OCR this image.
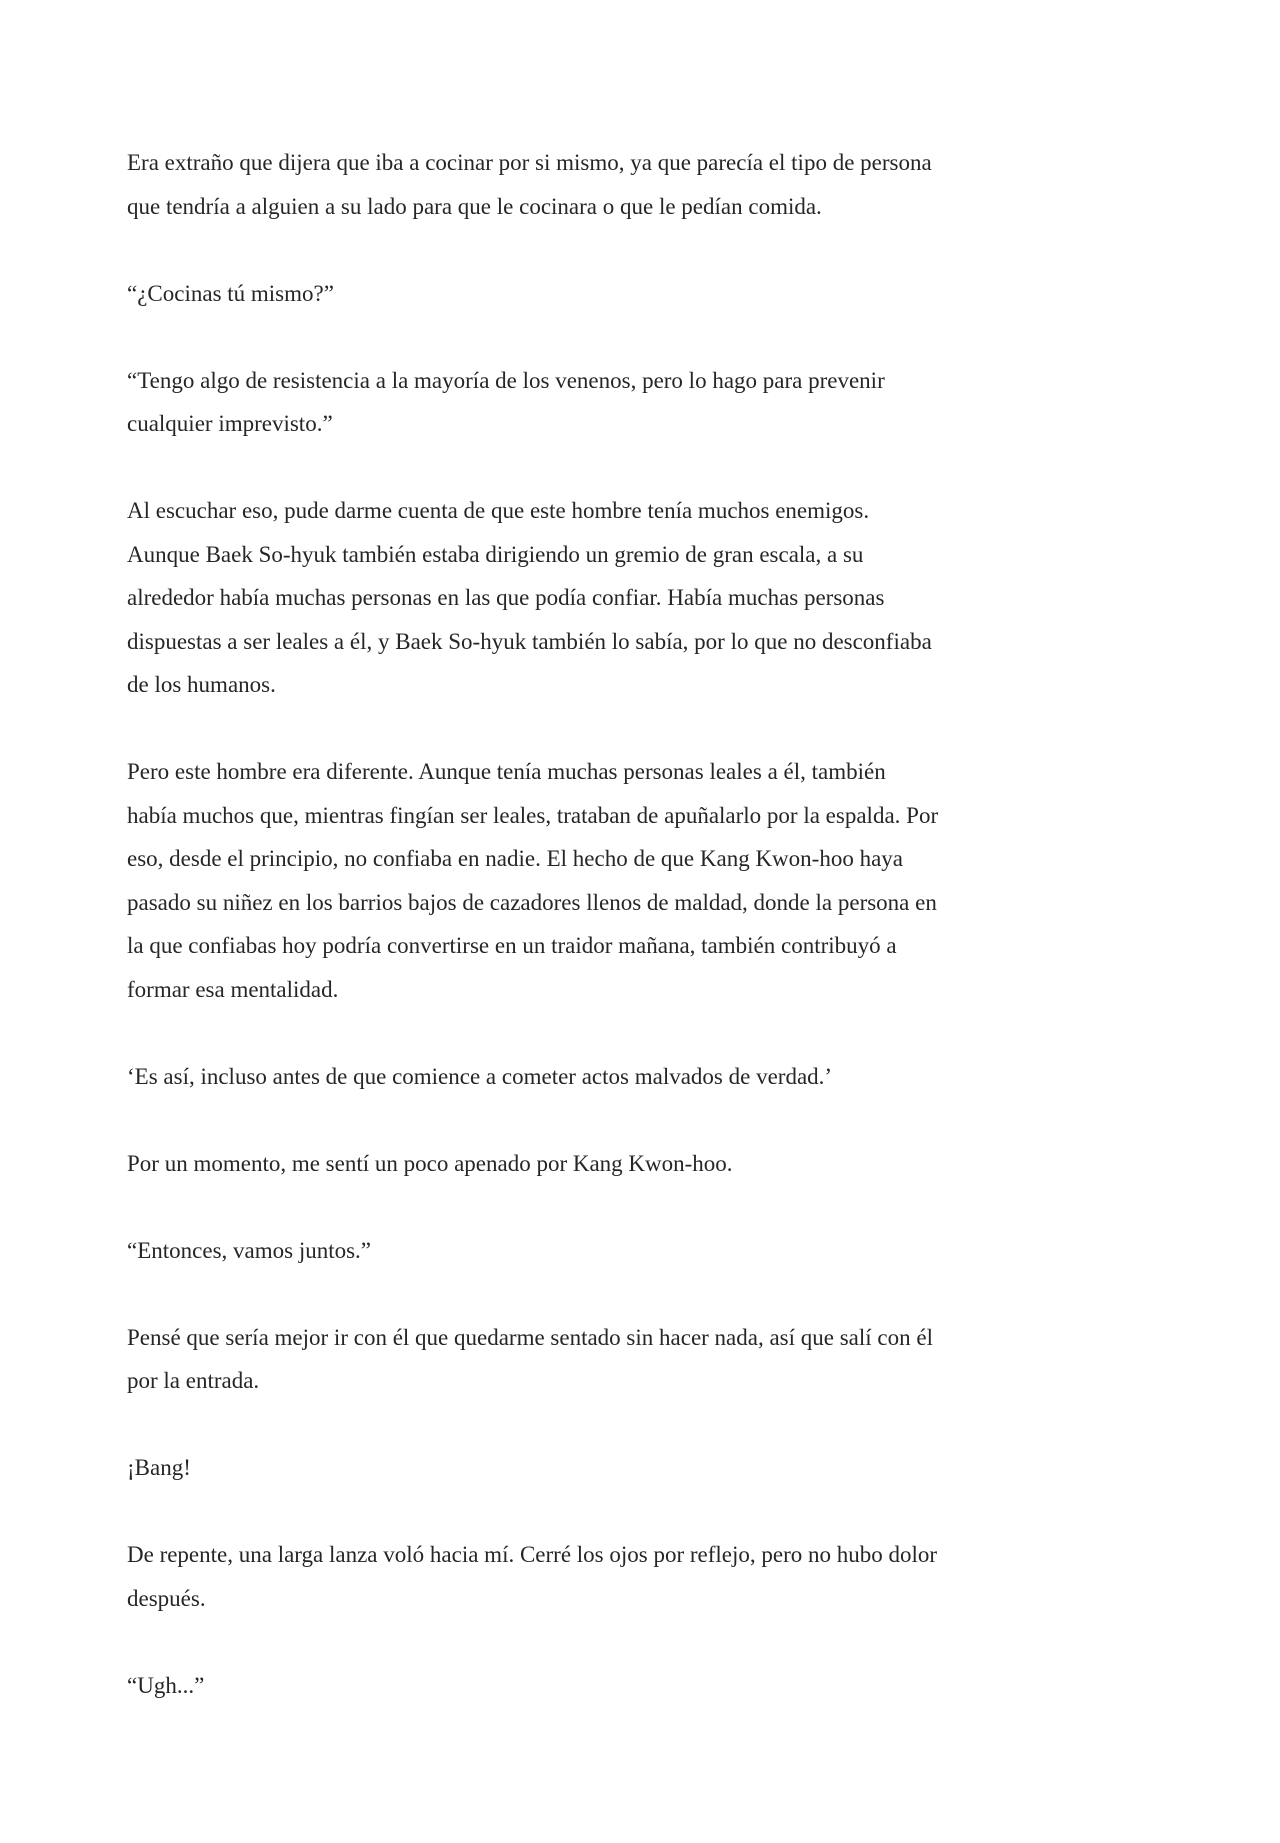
Era extraño que dijera que iba a cocinar por si mismo, ya que parecía el tipo de persona
que tendría a alguien a su lado para que le cocinara o que le pedían comida.

“¿Cocinas tú mismo?”

“Tengo algo de resistencia a la mayoría de los venenos, pero lo hago para prevenir
cualquier imprevisto.”

Al escuchar eso, pude darme cuenta de que este hombre tenía muchos enemigos.
Aunque Baek So-hyuk también estaba dirigiendo un gremio de gran escala, a su
alrededor había muchas personas en las que podía confiar. Había muchas personas
dispuestas a ser leales a él, y Baek So-hyuk también lo sabía, por lo que no desconfiaba
de los humanos.

Pero este hombre era diferente. Aunque tenía muchas personas leales a él, también
había muchos que, mientras fingían ser leales, trataban de apuñalarlo por la espalda. Por
eso, desde el principio, no confiaba en nadie. El hecho de que Kang Kwon-hoo haya
pasado su niñez en los barrios bajos de cazadores llenos de maldad, donde la persona en
la que confiabas hoy podría convertirse en un traidor mañana, también contribuyó a
formar esa mentalidad.

‘Es así, incluso antes de que comience a cometer actos malvados de verdad.’

Por un momento, me sentí un poco apenado por Kang Kwon-hoo.

“Entonces, vamos juntos.”

Pensé que sería mejor ir con él que quedarme sentado sin hacer nada, así que salí con él
por la entrada.

¡Bang!

De repente, una larga lanza voló hacia mí. Cerré los ojos por reflejo, pero no hubo dolor
después.

“Ugh...”
